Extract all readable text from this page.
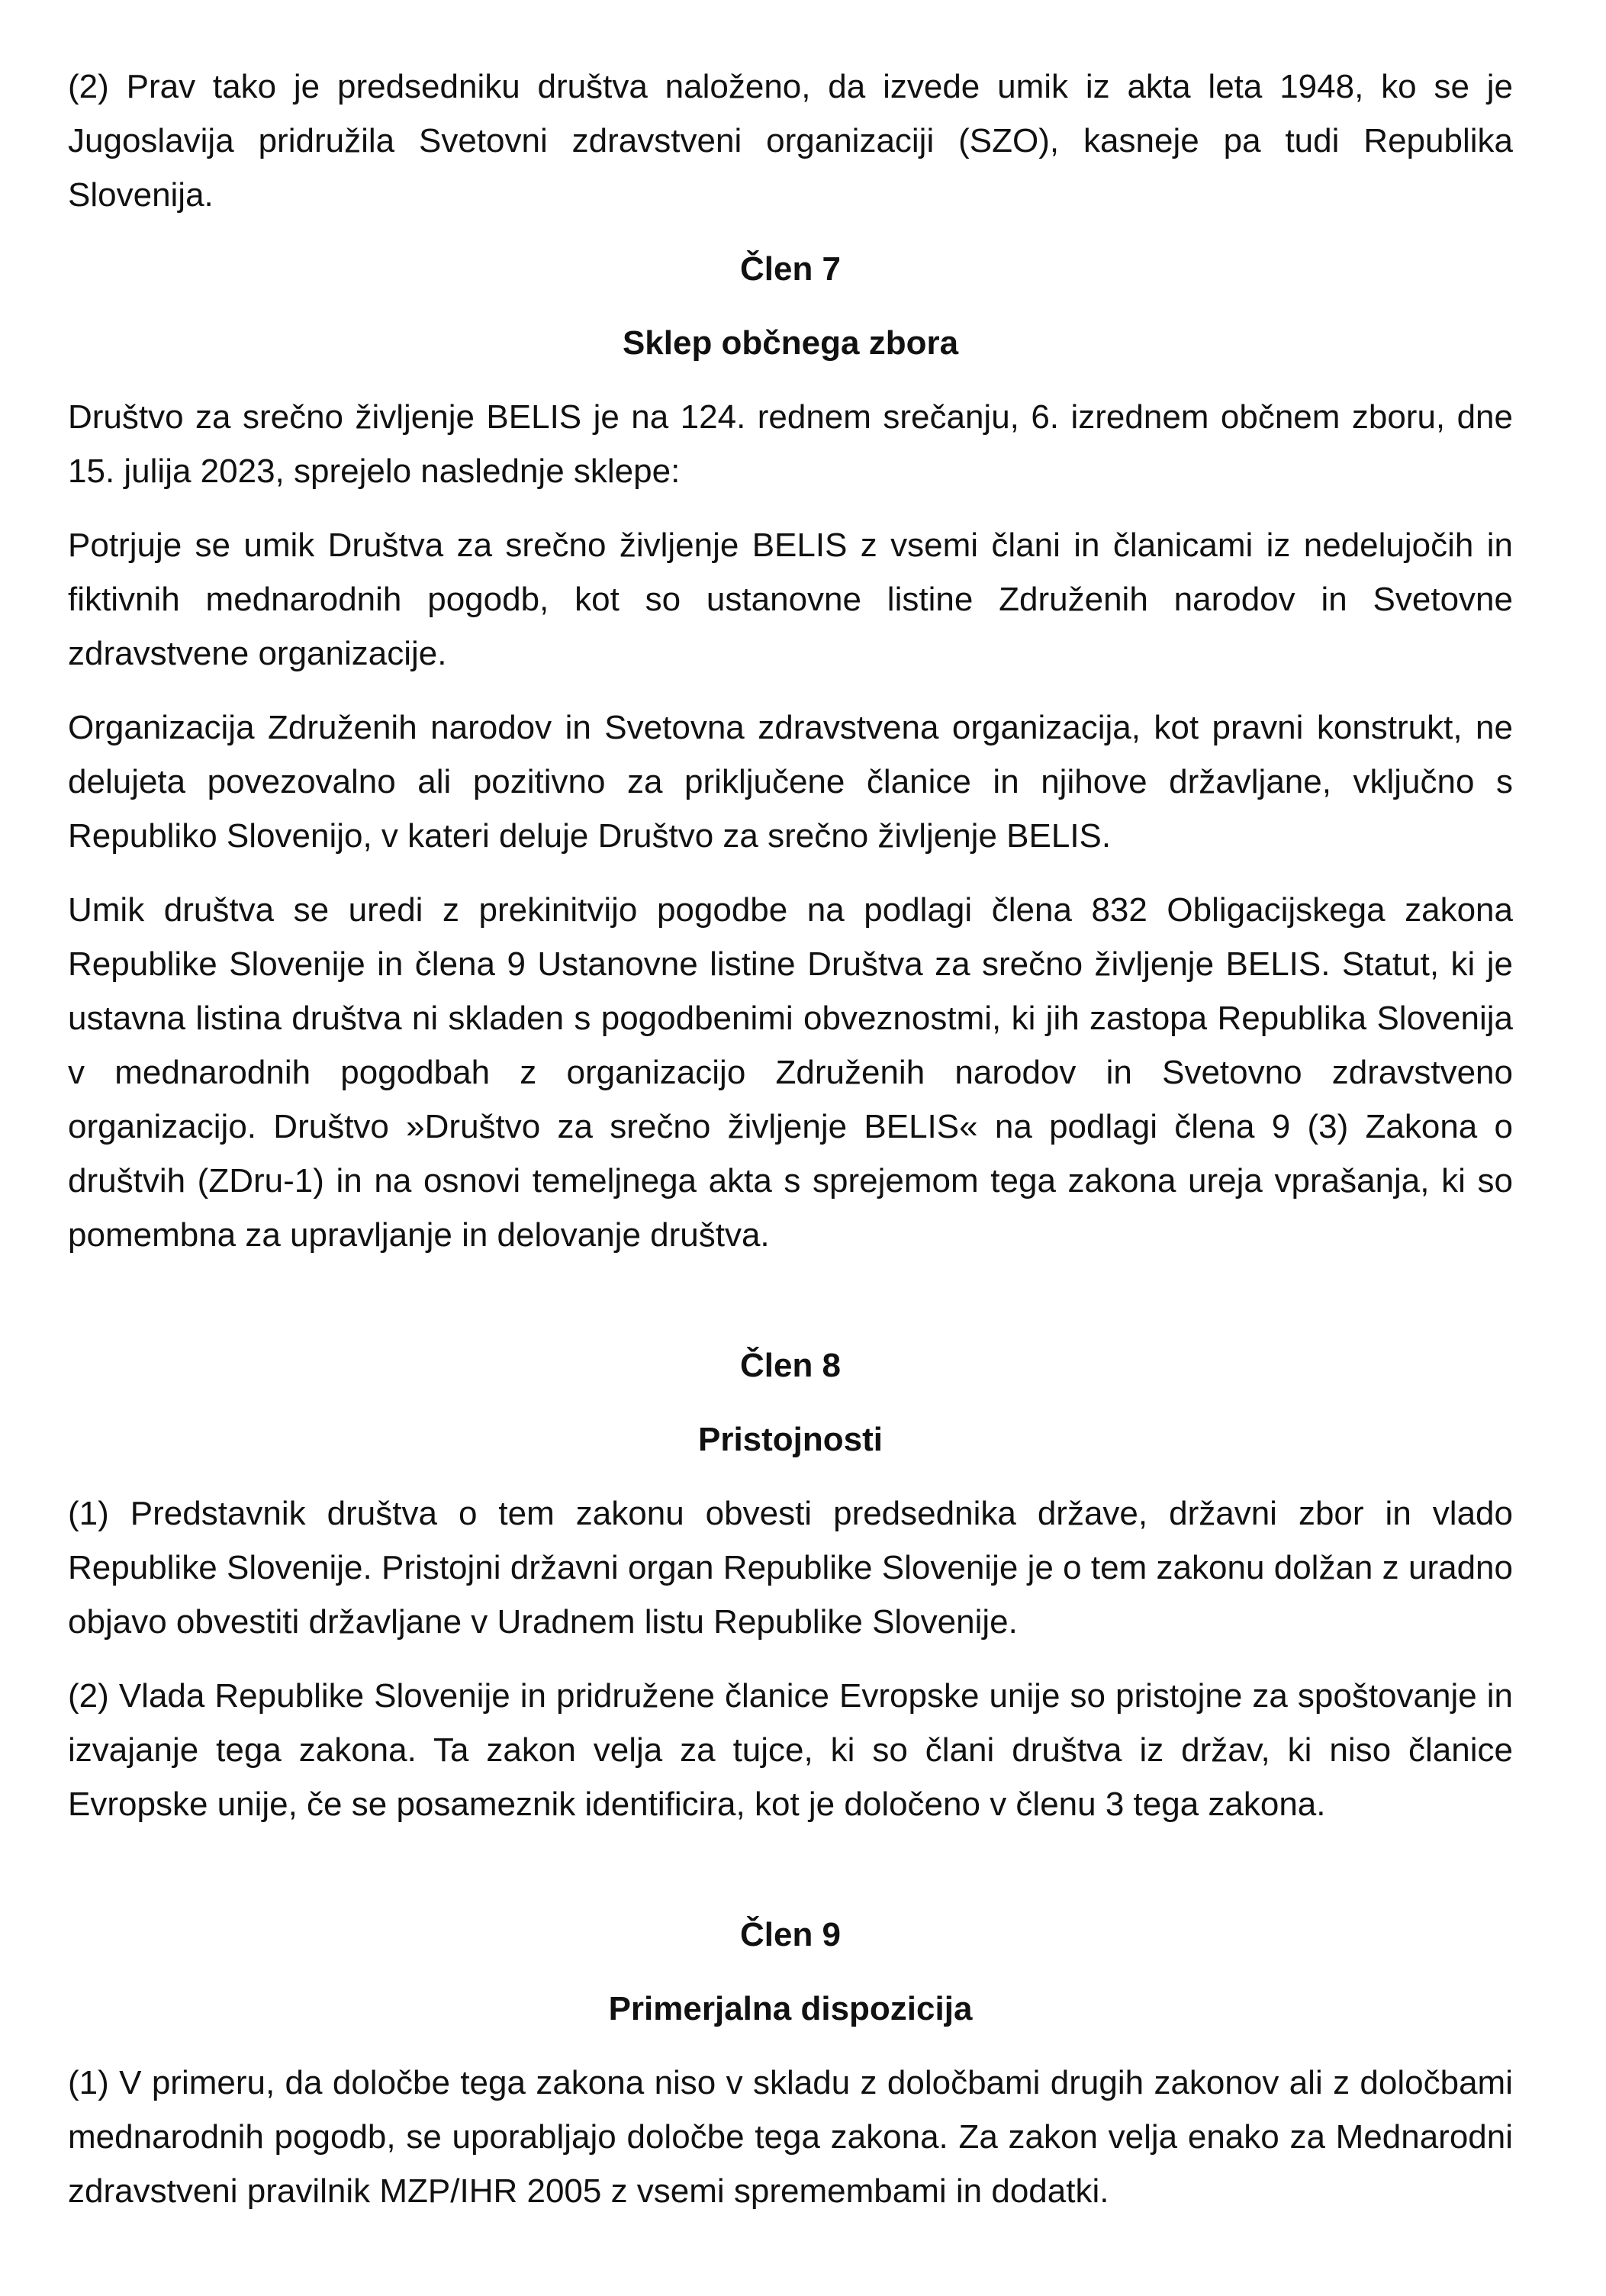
(2) Prav tako je predsedniku društva naloženo, da izvede umik iz akta leta 1948, ko se je Jugoslavija pridružila Svetovni zdravstveni organizaciji (SZO), kasneje pa tudi Republika Slovenija.

Člen 7

Sklep občnega zbora

Društvo za srečno življenje BELIS je na 124. rednem srečanju, 6. izrednem občnem zboru, dne 15. julija 2023, sprejelo naslednje sklepe:

Potrjuje se umik Društva za srečno življenje BELIS z vsemi člani in članicami iz nedelujočih in fiktivnih mednarodnih pogodb, kot so ustanovne listine Združenih narodov in Svetovne zdravstvene organizacije.

Organizacija Združenih narodov in Svetovna zdravstvena organizacija, kot pravni konstrukt, ne delujeta povezovalno ali pozitivno za priključene članice in njihove državljane, vključno s Republiko Slovenijo, v kateri deluje Društvo za srečno življenje BELIS.

Umik društva se uredi z prekinitvijo pogodbe na podlagi člena 832 Obligacijskega zakona Republike Slovenije in člena 9 Ustanovne listine Društva za srečno življenje BELIS. Statut, ki je ustavna listina društva ni skladen s pogodbenimi obveznostmi, ki jih zastopa Republika Slovenija v mednarodnih pogodbah z organizacijo Združenih narodov in Svetovno zdravstveno organizacijo. Društvo »Društvo za srečno življenje BELIS« na podlagi člena 9 (3) Zakona o društvih (ZDru-1) in na osnovi temeljnega akta s sprejemom tega zakona ureja vprašanja, ki so pomembna za upravljanje in delovanje društva.

Člen 8

Pristojnosti

(1) Predstavnik društva o tem zakonu obvesti predsednika države, državni zbor in vlado Republike Slovenije. Pristojni državni organ Republike Slovenije je o tem zakonu dolžan z uradno objavo obvestiti državljane v Uradnem listu Republike Slovenije.

(2) Vlada Republike Slovenije in pridružene članice Evropske unije so pristojne za spoštovanje in izvajanje tega zakona. Ta zakon velja za tujce, ki so člani društva iz držav, ki niso članice Evropske unije, če se posameznik identificira, kot je določeno v členu 3 tega zakona.

Člen 9

Primerjalna dispozicija

(1) V primeru, da določbe tega zakona niso v skladu z določbami drugih zakonov ali z določbami mednarodnih pogodb, se uporabljajo določbe tega zakona. Za zakon velja enako za Mednarodni zdravstveni pravilnik MZP/IHR 2005 z vsemi spremembami in dodatki.
